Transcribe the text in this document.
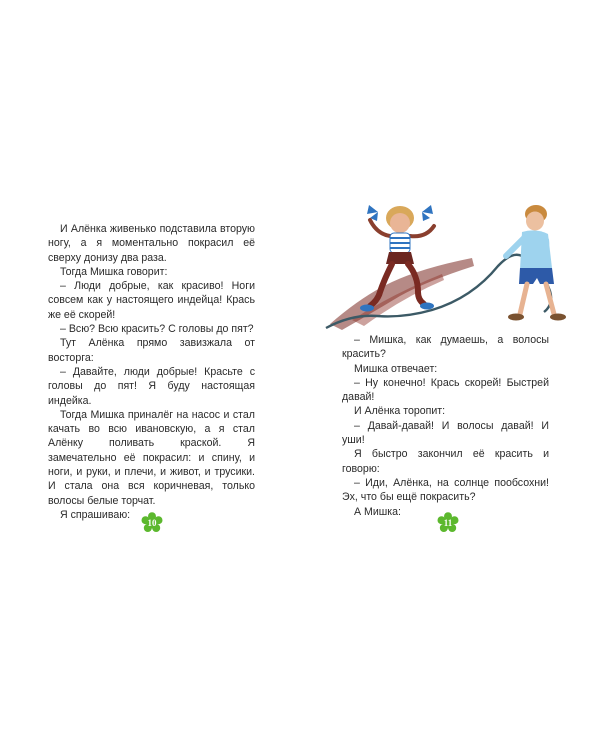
И Алёнка живенько подставила вторую ногу, а я моментально покрасил её сверху донизу два раза.

Тогда Мишка говорит:

– Люди добрые, как красиво! Ноги совсем как у настоящего индейца! Крась же её скорей!

– Всю? Всю красить? С головы до пят?

Тут Алёнка прямо завизжала от восторга:

– Давайте, люди добрые! Красьте с головы до пят! Я буду настоящая индейка.

Тогда Мишка приналёг на насос и стал качать во всю ивановскую, а я стал Алёнку поливать краской. Я замечательно её покрасил: и спину, и ноги, и руки, и плечи, и живот, и трусики. И стала она вся коричневая, только волосы белые торчат.

Я спрашиваю:

10

– Мишка, как думаешь, а волосы красить?

Мишка отвечает:

– Ну конечно! Крась скорей! Быстрей давай!

И Алёнка торопит:

– Давай-давай! И волосы давай! И уши!

Я быстро закончил её красить и говорю:

– Иди, Алёнка, на солнце пообсохни! Эх, что бы ещё покрасить?

А Мишка:

11
